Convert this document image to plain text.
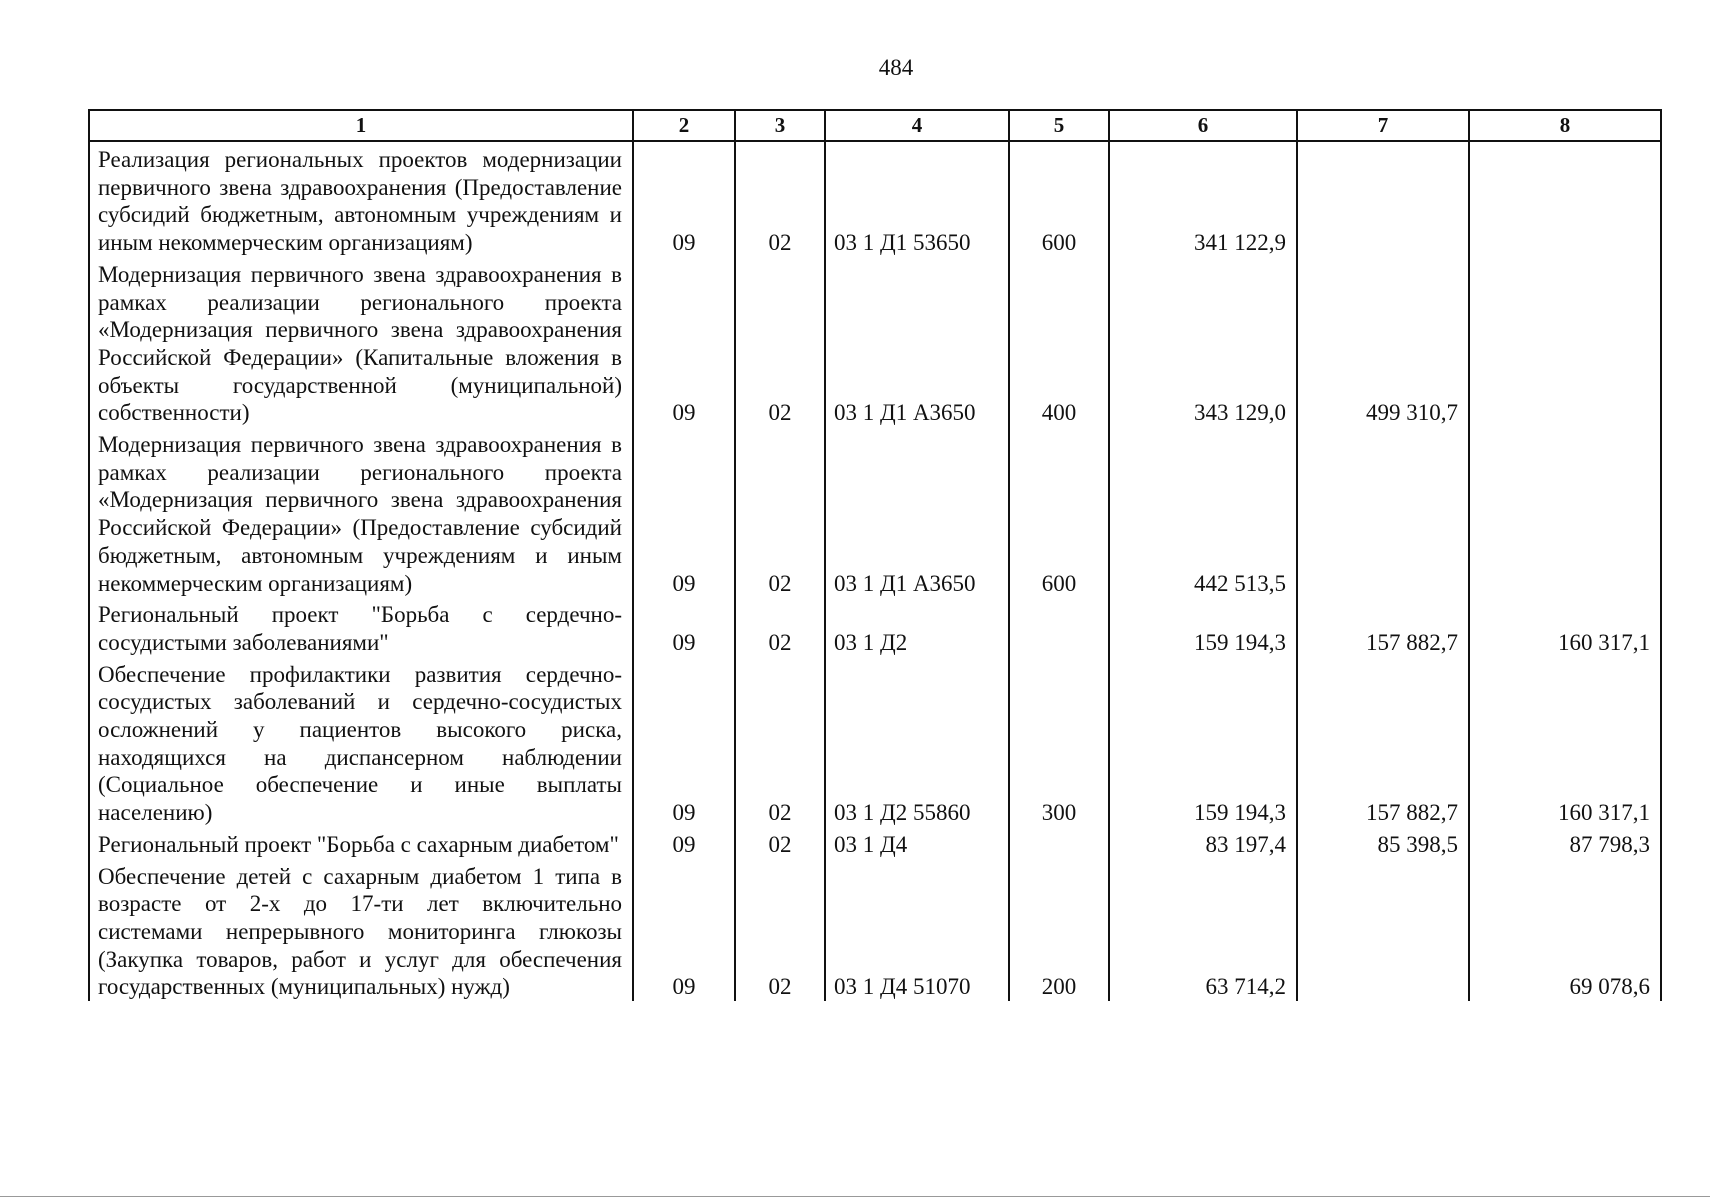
484
1	2	3	4	5	6	7	8
Реализация региональных проектов модернизации первичного звена здравоохранения (Предоставление субсидий бюджетным, автономным учреждениям и иным некоммерческим организациям)	09	02	03 1 Д1 53650	600	341 122,9		
Модернизация первичного звена здравоохранения в рамках реализации регионального проекта «Модернизация первичного звена здравоохранения Российской Федерации» (Капитальные вложения в объекты государственной (муниципальной) собственности)	09	02	03 1 Д1 А3650	400	343 129,0	499 310,7	
Модернизация первичного звена здравоохранения в рамках реализации регионального проекта «Модернизация первичного звена здравоохранения Российской Федерации» (Предоставление субсидий бюджетным, автономным учреждениям и иным некоммерческим организациям)	09	02	03 1 Д1 А3650	600	442 513,5		
Региональный проект "Борьба с сердечно-сосудистыми заболеваниями"	09	02	03 1 Д2		159 194,3	157 882,7	160 317,1
Обеспечение профилактики развития сердечно-сосудистых заболеваний и сердечно-сосудистых осложнений у пациентов высокого риска, находящихся на диспансерном наблюдении (Социальное обеспечение и иные выплаты населению)	09	02	03 1 Д2 55860	300	159 194,3	157 882,7	160 317,1
Региональный проект "Борьба с сахарным диабетом"	09	02	03 1 Д4		83 197,4	85 398,5	87 798,3
Обеспечение детей с сахарным диабетом 1 типа в возрасте от 2-х до 17-ти лет включительно системами непрерывного мониторинга глюкозы (Закупка товаров, работ и услуг для обеспечения государственных (муниципальных) нужд)	09	02	03 1 Д4 51070	200	63 714,2		69 078,6
